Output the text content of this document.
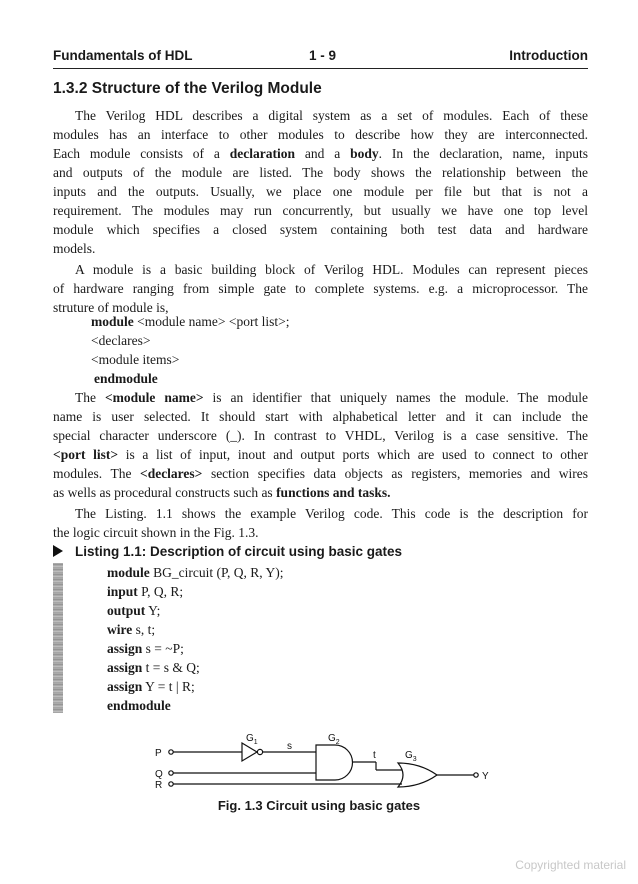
Fundamentals of HDL	1 - 9	Introduction
1.3.2 Structure of the Verilog Module

The Verilog HDL describes a digital system as a set of modules. Each of these
modules has an interface to other modules to describe how they are interconnected.
Each module consists of a declaration and a body. In the declaration, name, inputs
and outputs of the module are listed. The body shows the relationship between the
inputs and the outputs. Usually, we place one module per file but that is not a
requirement. The modules may run concurrently, but usually we have one top level
module which specifies a closed system containing both test data and hardware
models.

A module is a basic building block of Verilog HDL. Modules can represent pieces
of hardware ranging from simple gate to complete systems. e.g. a microprocessor. The
struture of module is,

module <module name> <port list>;
<declares>
<module items>
endmodule

The <module name> is an identifier that uniquely names the module. The module
name is user selected. It should start with alphabetical letter and it can include the
special character underscore (_). In contrast to VHDL, Verilog is a case sensitive. The
<port list> is a list of input, inout and output ports which are used to connect to other
modules. The <declares> section specifies data objects as registers, memories and wires
as wells as procedural constructs such as functions and tasks.

The Listing. 1.1 shows the example Verilog code. This code is the description for
the logic circuit shown in the Fig. 1.3.

Listing 1.1: Description of circuit using basic gates
module BG_circuit (P, Q, R, Y);
input P, Q, R;
output Y;
wire s, t;
assign s = ~P;
assign t = s & Q;
assign Y = t | R;
endmodule
$G_1$	s
$G_2$
t	$G_3$
P
Q
R
Y
Fig. 1.3 Circuit using basic gates
Copyrighted material
